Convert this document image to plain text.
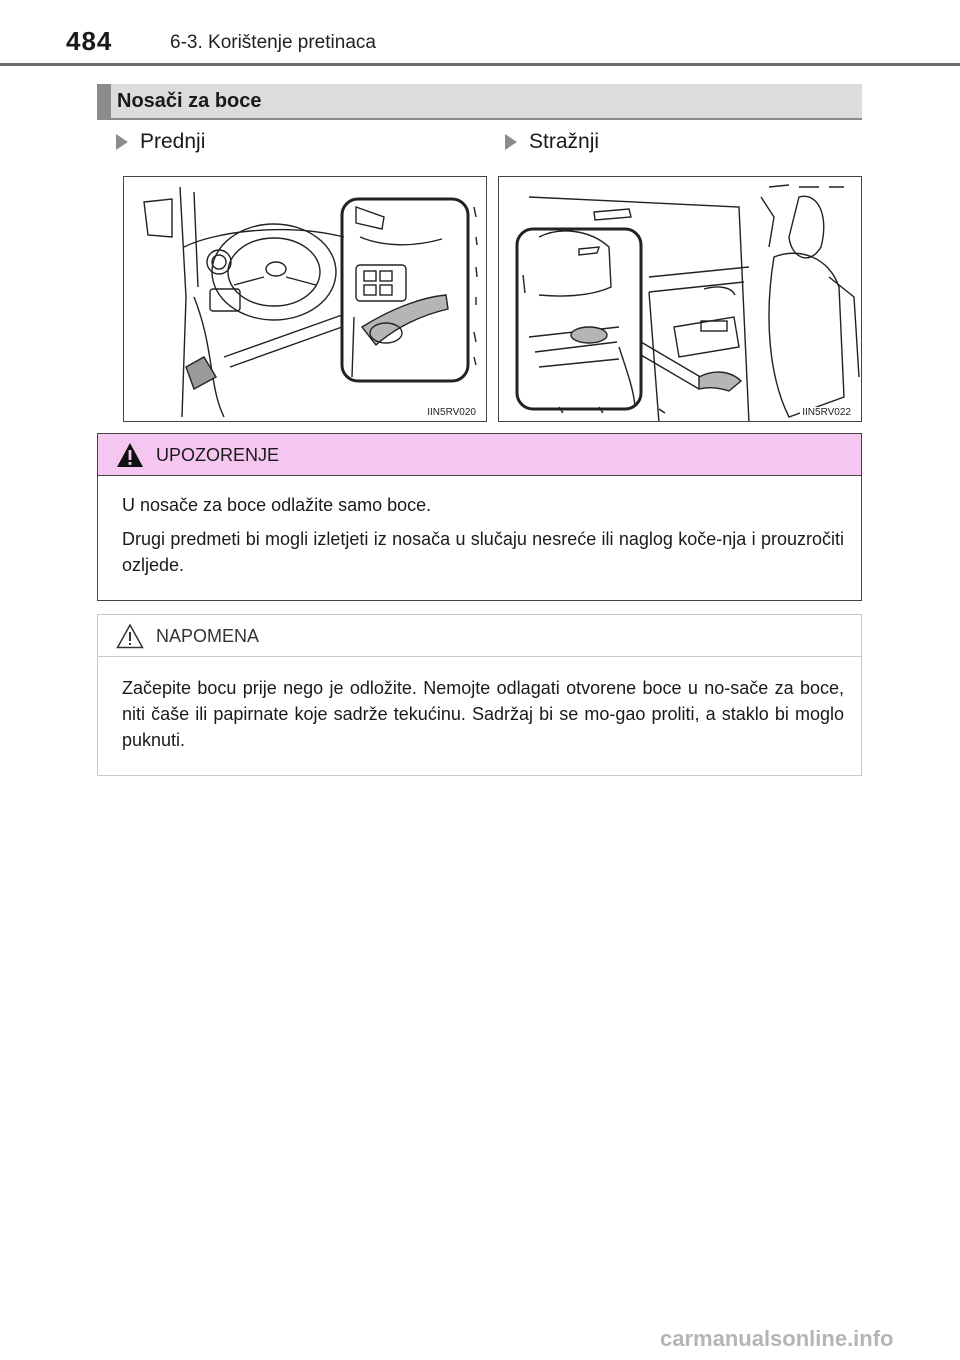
484	6-3. Korištenje pretinaca
Nosači za boce
Prednji	Stražnji
IIN5RV020	IIN5RV022
UPOZORENJE

U nosače za boce odlažite samo boce.

Drugi predmeti bi mogli izletjeti iz nosača u slučaju nesreće ili naglog koče-nja i prouzročiti ozljede.

NAPOMENA
Začepite bocu prije nego je odložite. Nemojte odlagati otvorene boce u no-sače za boce, niti čaše ili papirnate koje sadrže tekućinu. Sadržaj bi se mo-gao proliti, a staklo bi moglo puknuti.
carmanualsonline.info
